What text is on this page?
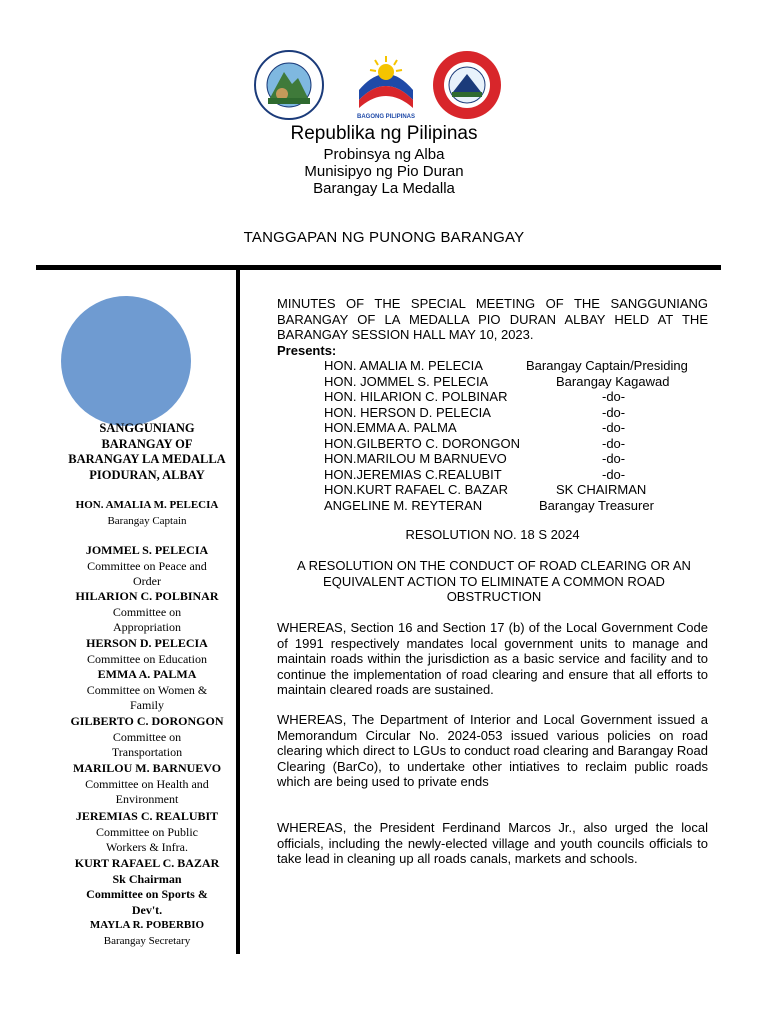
BAGONG PILIPINAS
Republika ng Pilipinas
Probinsya ng Alba
Munisipyo ng Pio Duran
Barangay La Medalla
TANGGAPAN NG PUNONG BARANGAY
SANGGUNIANG
BARANGAY OF
BARANGAY LA MEDALLA
PIODURAN, ALBAY
HON. AMALIA M. PELECIA
Barangay Captain
JOMMEL S. PELECIA
Committee on Peace and
Order
HILARION C. POLBINAR
Committee on
Appropriation
HERSON D. PELECIA
Committee on Education
EMMA A. PALMA
Committee on Women &
Family
GILBERTO C. DORONGON
Committee on
Transportation
MARILOU M. BARNUEVO
Committee on Health and
Environment
JEREMIAS C. REALUBIT
Committee on Public
Workers & Infra.
KURT RAFAEL C. BAZAR
Sk Chairman
Committee on Sports &
Dev't.
MAYLA R. POBERBIO
Barangay Secretary
MINUTES OF THE SPECIAL MEETING OF THE SANGGUNIANG BARANGAY OF LA MEDALLA PIO DURAN ALBAY HELD AT THE BARANGAY SESSION HALL MAY 10, 2023.
Presents:
HON. AMALIA M. PELECIA	Barangay Captain/Presiding
HON. JOMMEL S. PELECIA	Barangay Kagawad
HON. HILARION C. POLBINAR	-do-
HON. HERSON D. PELECIA	-do-
HON.EMMA A. PALMA	-do-
HON.GILBERTO C. DORONGON	-do-
HON.MARILOU M BARNUEVO	-do-
HON.JEREMIAS C.REALUBIT	-do-
HON.KURT RAFAEL C. BAZAR	SK CHAIRMAN
ANGELINE M. REYTERAN	Barangay Treasurer
RESOLUTION NO. 18 S 2024
A RESOLUTION ON THE CONDUCT OF ROAD CLEARING OR AN EQUIVALENT ACTION TO ELIMINATE A COMMON ROAD OBSTRUCTION
WHEREAS, Section 16 and Section 17 (b) of the Local Government Code of 1991 respectively mandates local government units to manage and maintain roads within the jurisdiction as a basic service and facility and to continue the implementation of road clearing and ensure that all efforts to maintain cleared roads are sustained.
WHEREAS, The Department of Interior and Local Government issued a Memorandum Circular No. 2024-053 issued various policies on road clearing which direct to LGUs to conduct road clearing and Barangay Road Clearing (BarCo), to undertake other intiatives to reclaim public roads which are being used to private ends
WHEREAS, the President Ferdinand Marcos Jr., also urged the local officials, including the newly-elected village and youth councils officials to take lead in cleaning up all roads canals, markets and schools.
